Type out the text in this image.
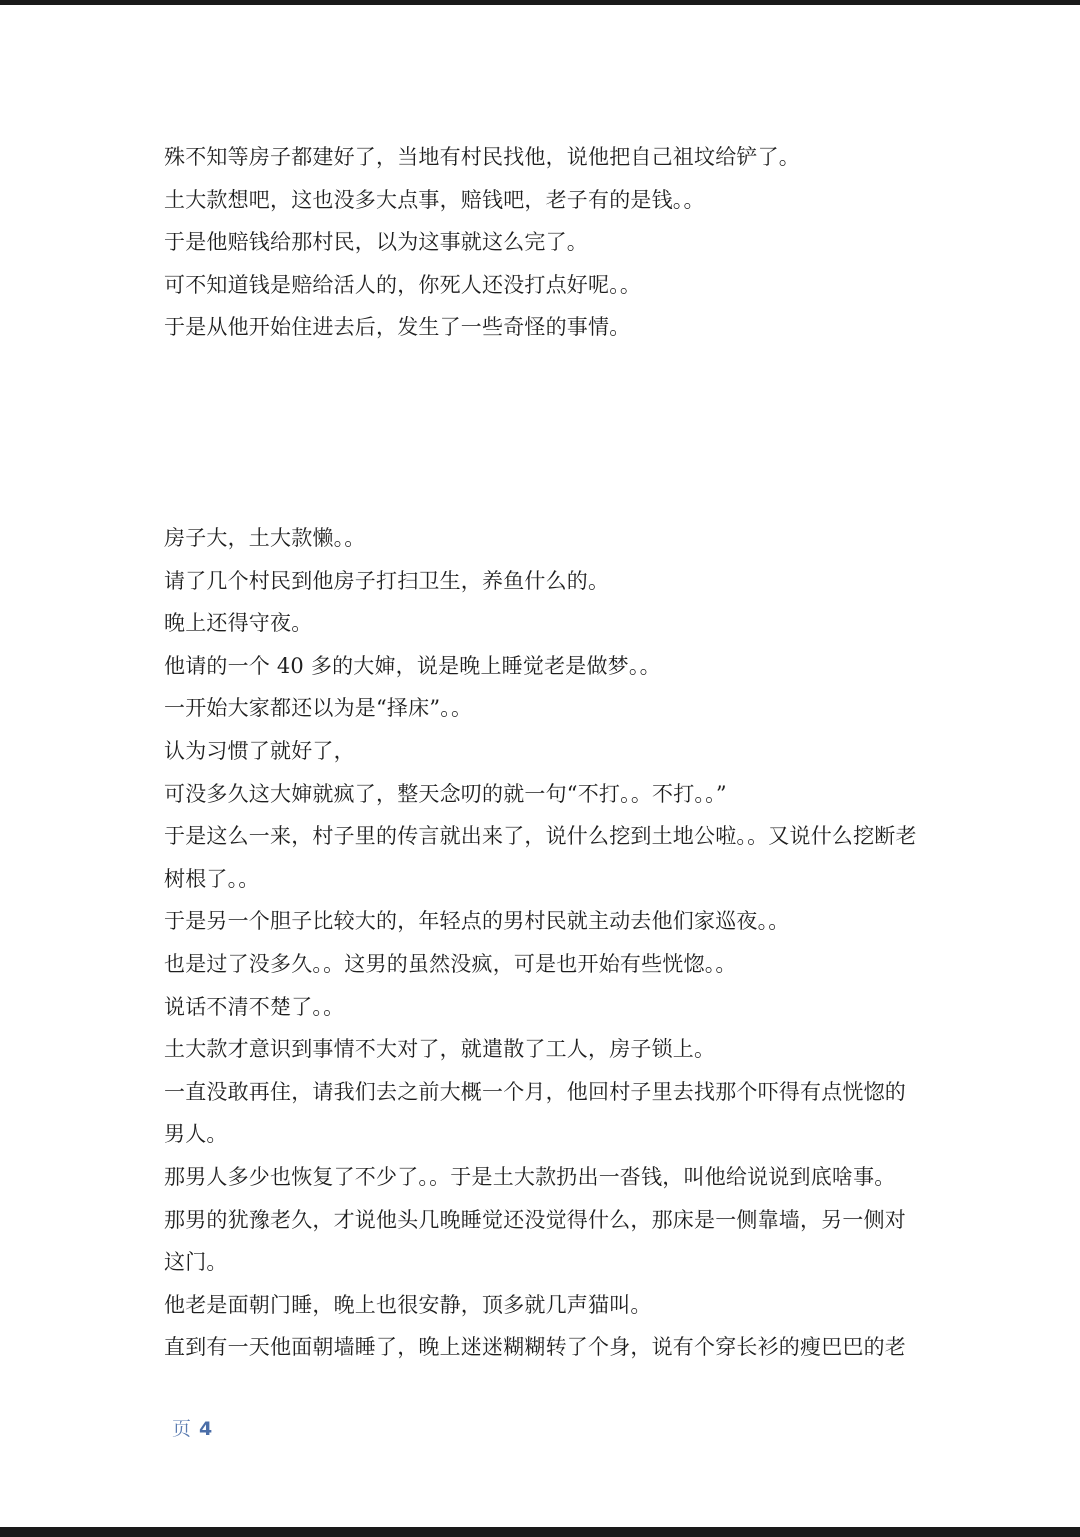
殊不知等房子都建好了，当地有村民找他，说他把自己祖坟给铲了。

土大款想吧，这也没多大点事，赔钱吧，老子有的是钱。。

于是他赔钱给那村民，以为这事就这么完了。

可不知道钱是赔给活人的，你死人还没打点好呢。。

于是从他开始住进去后，发生了一些奇怪的事情。

房子大，土大款懒。。

请了几个村民到他房子打扫卫生，养鱼什么的。

晚上还得守夜。

他请的一个 40 多的大婶，说是晚上睡觉老是做梦。。

一开始大家都还以为是“择床”。。

认为习惯了就好了，

可没多久这大婶就疯了，整天念叨的就一句“不打。。不打。。”

于是这么一来，村子里的传言就出来了，说什么挖到土地公啦。。又说什么挖断老树根了。。

于是另一个胆子比较大的，年轻点的男村民就主动去他们家巡夜。。

也是过了没多久。。这男的虽然没疯，可是也开始有些恍惚。。

说话不清不楚了。。

土大款才意识到事情不大对了，就遣散了工人，房子锁上。

一直没敢再住，请我们去之前大概一个月，他回村子里去找那个吓得有点恍惚的男人。

那男人多少也恢复了不少了。。于是土大款扔出一沓钱，叫他给说说到底啥事。

那男的犹豫老久，才说他头几晚睡觉还没觉得什么，那床是一侧靠墙，另一侧对这门。

他老是面朝门睡，晚上也很安静，顶多就几声猫叫。

直到有一天他面朝墙睡了，晚上迷迷糊糊转了个身，说有个穿长衫的瘦巴巴的老

页 4
